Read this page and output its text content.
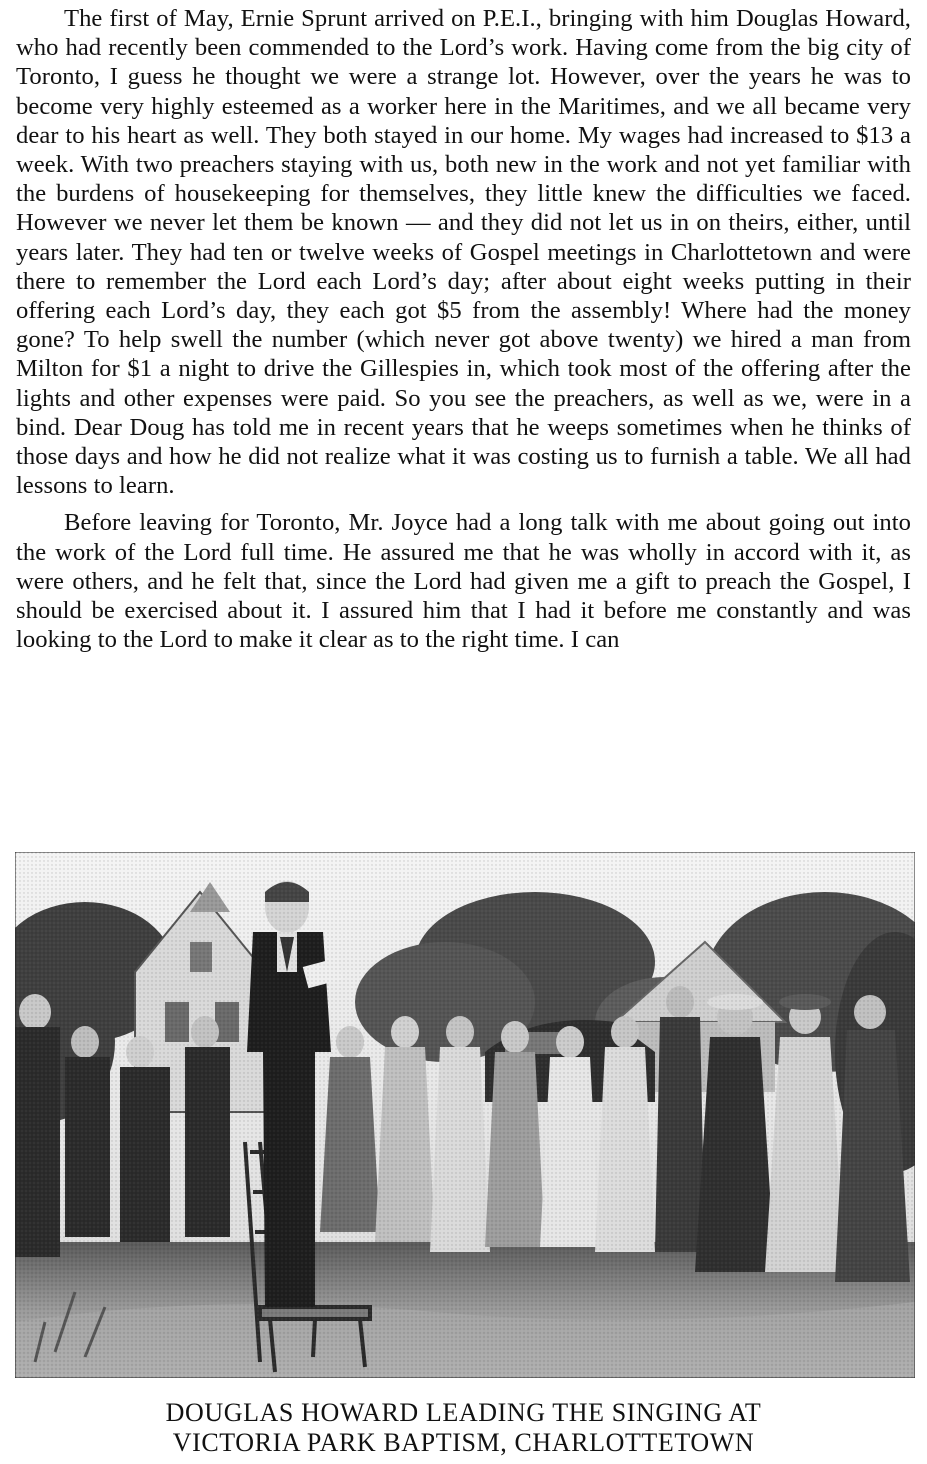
The first of May, Ernie Sprunt arrived on P.E.I., bringing with him Douglas Howard, who had recently been commended to the Lord’s work. Having come from the big city of Toronto, I guess he thought we were a strange lot. However, over the years he was to become very highly esteemed as a worker here in the Maritimes, and we all became very dear to his heart as well. They both stayed in our home. My wages had increased to $13 a week. With two preachers staying with us, both new in the work and not yet familiar with the burdens of housekeeping for themselves, they little knew the difficulties we faced. However we never let them be known — and they did not let us in on theirs, either, until years later. They had ten or twelve weeks of Gospel meetings in Charlottetown and were there to remember the Lord each Lord’s day; after about eight weeks putting in their offering each Lord’s day, they each got $5 from the assembly! Where had the money gone? To help swell the number (which never got above twenty) we hired a man from Milton for $1 a night to drive the Gillespies in, which took most of the offering after the lights and other expenses were paid. So you see the preachers, as well as we, were in a bind. Dear Doug has told me in recent years that he weeps sometimes when he thinks of those days and how he did not realize what it was costing us to furnish a table. We all had lessons to learn.

Before leaving for Toronto, Mr. Joyce had a long talk with me about going out into the work of the Lord full time. He assured me that he was wholly in accord with it, as were others, and he felt that, since the Lord had given me a gift to preach the Gospel, I should be exercised about it. I assured him that I had it before me constantly and was looking to the Lord to make it clear as to the right time. I can

DOUGLAS HOWARD LEADING THE SINGING AT
VICTORIA PARK BAPTISM, CHARLOTTETOWN
